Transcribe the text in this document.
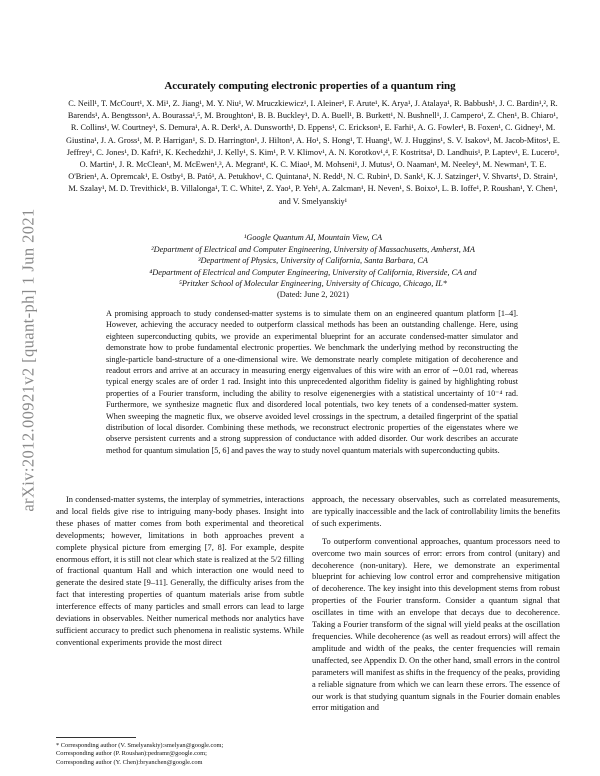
arXiv:2012.00921v2 [quant-ph] 1 Jun 2021
Accurately computing electronic properties of a quantum ring
C. Neill¹, T. McCourt¹, X. Mi¹, Z. Jiang¹, M. Y. Niu¹, W. Mruczkiewicz¹, I. Aleiner¹, F. Arute¹, K. Arya¹, J. Atalaya¹, R. Babbush¹, J. C. Bardin¹,², R. Barends¹, A. Bengtsson¹, A. Bourassa¹,⁵, M. Broughton¹, B. B. Buckley¹, D. A. Buell¹, B. Burkett¹, N. Bushnell¹, J. Campero¹, Z. Chen¹, B. Chiaro¹, R. Collins¹, W. Courtney¹, S. Demura¹, A. R. Derk¹, A. Dunsworth¹, D. Eppens¹, C. Erickson¹, E. Farhi¹, A. G. Fowler¹, B. Foxen¹, C. Gidney¹, M. Giustina¹, J. A. Gross¹, M. P. Harrigan¹, S. D. Harrington¹, J. Hilton¹, A. Ho¹, S. Hong¹, T. Huang¹, W. J. Huggins¹, S. V. Isakov¹, M. Jacob-Mitos¹, E. Jeffrey¹, C. Jones¹, D. Kafri¹, K. Kechedzhi¹, J. Kelly¹, S. Kim¹, P. V. Klimov¹, A. N. Korotkov¹,⁴, F. Kostritsa¹, D. Landhuis¹, P. Laptev¹, E. Lucero¹, O. Martin¹, J. R. McClean¹, M. McEwen¹,³, A. Megrant¹, K. C. Miao¹, M. Mohseni¹, J. Mutus¹, O. Naaman¹, M. Neeley¹, M. Newman¹, T. E. O'Brien¹, A. Opremcak¹, E. Ostby¹, B. Pató¹, A. Petukhov¹, C. Quintana¹, N. Redd¹, N. C. Rubin¹, D. Sank¹, K. J. Satzinger¹, V. Shvarts¹, D. Strain¹, M. Szalay¹, M. D. Trevithick¹, B. Villalonga¹, T. C. White¹, Z. Yao¹, P. Yeh¹, A. Zalcman¹, H. Neven¹, S. Boixo¹, L. B. Ioffe¹, P. Roushan¹, Y. Chen¹, and V. Smelyanskiy¹
¹Google Quantum AI, Mountain View, CA
²Department of Electrical and Computer Engineering, University of Massachusetts, Amherst, MA
³Department of Physics, University of California, Santa Barbara, CA
⁴Department of Electrical and Computer Engineering, University of California, Riverside, CA and
⁵Pritzker School of Molecular Engineering, University of Chicago, Chicago, IL*
(Dated: June 2, 2021)
A promising approach to study condensed-matter systems is to simulate them on an engineered quantum platform [1–4]. However, achieving the accuracy needed to outperform classical methods has been an outstanding challenge. Here, using eighteen superconducting qubits, we provide an experimental blueprint for an accurate condensed-matter simulator and demonstrate how to probe fundamental electronic properties. We benchmark the underlying method by reconstructing the single-particle band-structure of a one-dimensional wire. We demonstrate nearly complete mitigation of decoherence and readout errors and arrive at an accuracy in measuring energy eigenvalues of this wire with an error of ∼0.01 rad, whereas typical energy scales are of order 1 rad. Insight into this unprecedented algorithm fidelity is gained by highlighting robust properties of a Fourier transform, including the ability to resolve eigenenergies with a statistical uncertainty of 10⁻⁴ rad. Furthermore, we synthesize magnetic flux and disordered local potentials, two key tenets of a condensed-matter system. When sweeping the magnetic flux, we observe avoided level crossings in the spectrum, a detailed fingerprint of the spatial distribution of local disorder. Combining these methods, we reconstruct electronic properties of the eigenstates where we observe persistent currents and a strong suppression of conductance with added disorder. Our work describes an accurate method for quantum simulation [5, 6] and paves the way to study novel quantum materials with superconducting qubits.

In condensed-matter systems, the interplay of symmetries, interactions and local fields give rise to intriguing many-body phases. Insight into these phases of matter comes from both experimental and theoretical developments; however, limitations in both approaches prevent a complete physical picture from emerging [7, 8]. For example, despite enormous effort, it is still not clear which state is realized at the 5/2 filling of fractional quantum Hall and which interaction one would need to generate the desired state [9–11]. Generally, the difficulty arises from the fact that interesting properties of quantum materials arise from subtle interference effects of many particles and small errors can lead to large deviations in observables. Neither numerical methods nor analytics have sufficient accuracy to predict such phenomena in realistic systems. While conventional experiments provide the most direct

approach, the necessary observables, such as correlated measurements, are typically inaccessible and the lack of controllability limits the benefits of such experiments.

To outperform conventional approaches, quantum processors need to overcome two main sources of error: errors from control (unitary) and decoherence (non-unitary). Here, we demonstrate an experimental blueprint for achieving low control error and comprehensive mitigation of decoherence. The key insight into this development stems from robust properties of the Fourier transform. Consider a quantum signal that oscillates in time with an envelope that decays due to decoherence. Taking a Fourier transform of the signal will yield peaks at the oscillation frequencies. While decoherence (as well as readout errors) will affect the amplitude and width of the peaks, the center frequencies will remain unaffected, see Appendix D. On the other hand, small errors in the control parameters will manifest as shifts in the frequency of the peaks, providing a reliable signature from which we can learn these errors. The essence of our work is that studying quantum signals in the Fourier domain enables error mitigation and

* Corresponding author (V. Smelyanskiy):smelyan@google.com;
Corresponding author (P. Roushan):pedramr@google.com;
Corresponding author (Y. Chen):bryanchen@google.com
